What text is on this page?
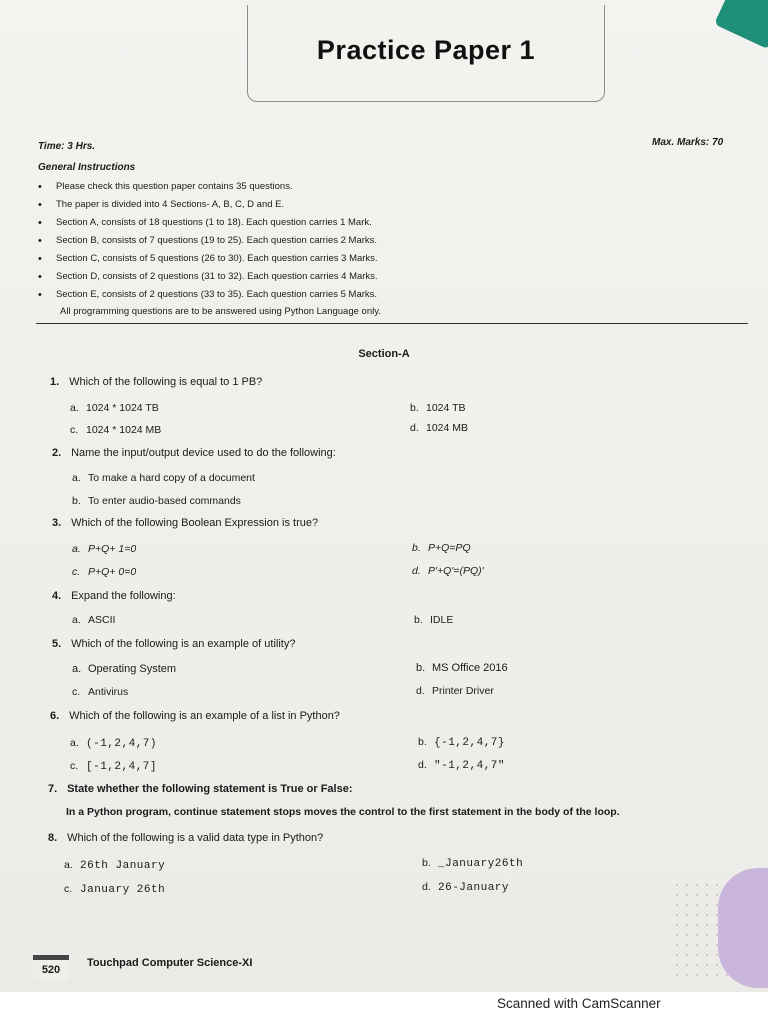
Practice Paper 1
Time: 3 Hrs.	Max. Marks: 70
General Instructions
• Please check this question paper contains 35 questions.
• The paper is divided into 4 Sections- A, B, C, D and E.
• Section A, consists of 18 questions (1 to 18). Each question carries 1 Mark.
• Section B, consists of 7 questions (19 to 25). Each question carries 2 Marks.
• Section C, consists of 5 questions (26 to 30). Each question carries 3 Marks.
• Section D, consists of 2 questions (31 to 32). Each question carries 4 Marks.
• Section E, consists of 2 questions (33 to 35). Each question carries 5 Marks.
All programming questions are to be answered using Python Language only.
Section-A
1. Which of the following is equal to 1 PB?
a. 1024 * 1024 TB	b. 1024 TB
c. 1024 * 1024 MB	d. 1024 MB
2. Name the input/output device used to do the following:
a. To make a hard copy of a document
b. To enter audio-based commands
3. Which of the following Boolean Expression is true?
a. P+Q+ 1=0	b. P+Q=PQ
c. P+Q+ 0=0	d. P'+Q'=(PQ)'
4. Expand the following:
a. ASCII	b. IDLE
5. Which of the following is an example of utility?
a. Operating System	b. MS Office 2016
c. Antivirus	d. Printer Driver
6. Which of the following is an example of a list in Python?
a. (-1,2,4,7)	b. {-1,2,4,7}
c. [-1,2,4,7]	d. "-1,2,4,7"
7. State whether the following statement is True or False:
In a Python program, continue statement stops moves the control to the first statement in the body of the loop.
8. Which of the following is a valid data type in Python?
a. 26th January	b. _January26th
c. January 26th	d. 26-January
520
Touchpad Computer Science-XI
Scanned with CamScanner
